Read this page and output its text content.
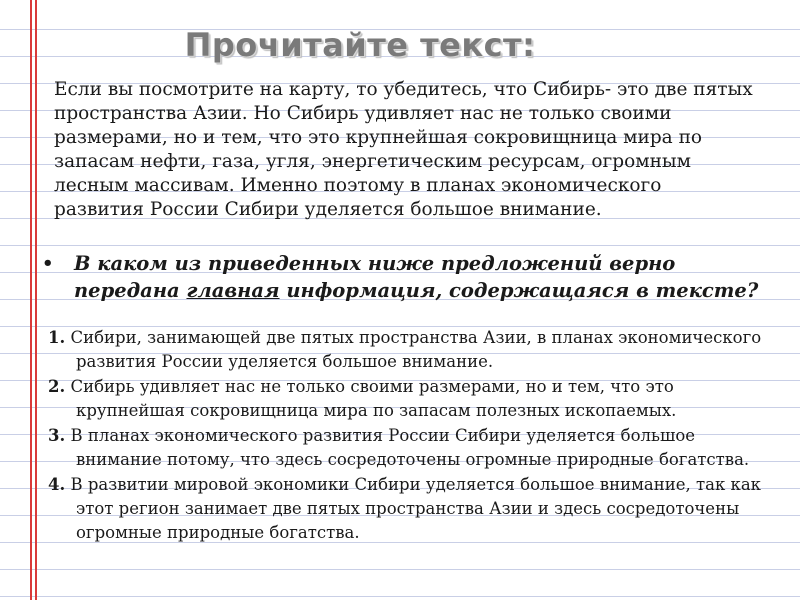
Прочитайте текст:

Если вы посмотрите на карту, то убедитесь, что Сибирь- это две пятых пространства Азии. Но Сибирь удивляет нас не только своими размерами, но и тем, что это крупнейшая сокровищница мира по запасам нефти, газа, угля, энергетическим ресурсам, огромным лесным массивам. Именно поэтому в планах экономического развития России Сибири уделяется большое внимание.

•	В каком из приведенных ниже предложений верно передана главная информация, содержащаяся в тексте?
1. Сибири, занимающей две пятых пространства Азии, в планах экономического развития России уделяется большое внимание.
2. Сибирь удивляет нас не только своими размерами, но и тем, что это крупнейшая сокровищница мира по запасам полезных ископаемых.
3. В планах экономического развития России Сибири уделяется большое внимание потому, что здесь сосредоточены огромные природные богатства.
4. В развитии мировой экономики Сибири уделяется большое внимание, так как этот регион занимает две пятых пространства Азии и здесь сосредоточены огромные природные богатства.
